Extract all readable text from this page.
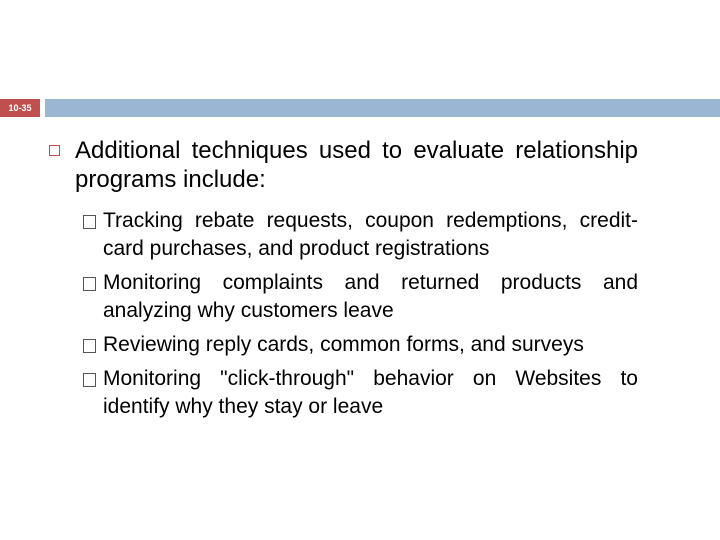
10-35
Additional techniques used to evaluate relationship programs include:
Tracking rebate requests, coupon redemptions, credit-card purchases, and product registrations
Monitoring complaints and returned products and analyzing why customers leave
Reviewing reply cards, common forms, and surveys
Monitoring "click-through" behavior on Websites to identify why they stay or leave
